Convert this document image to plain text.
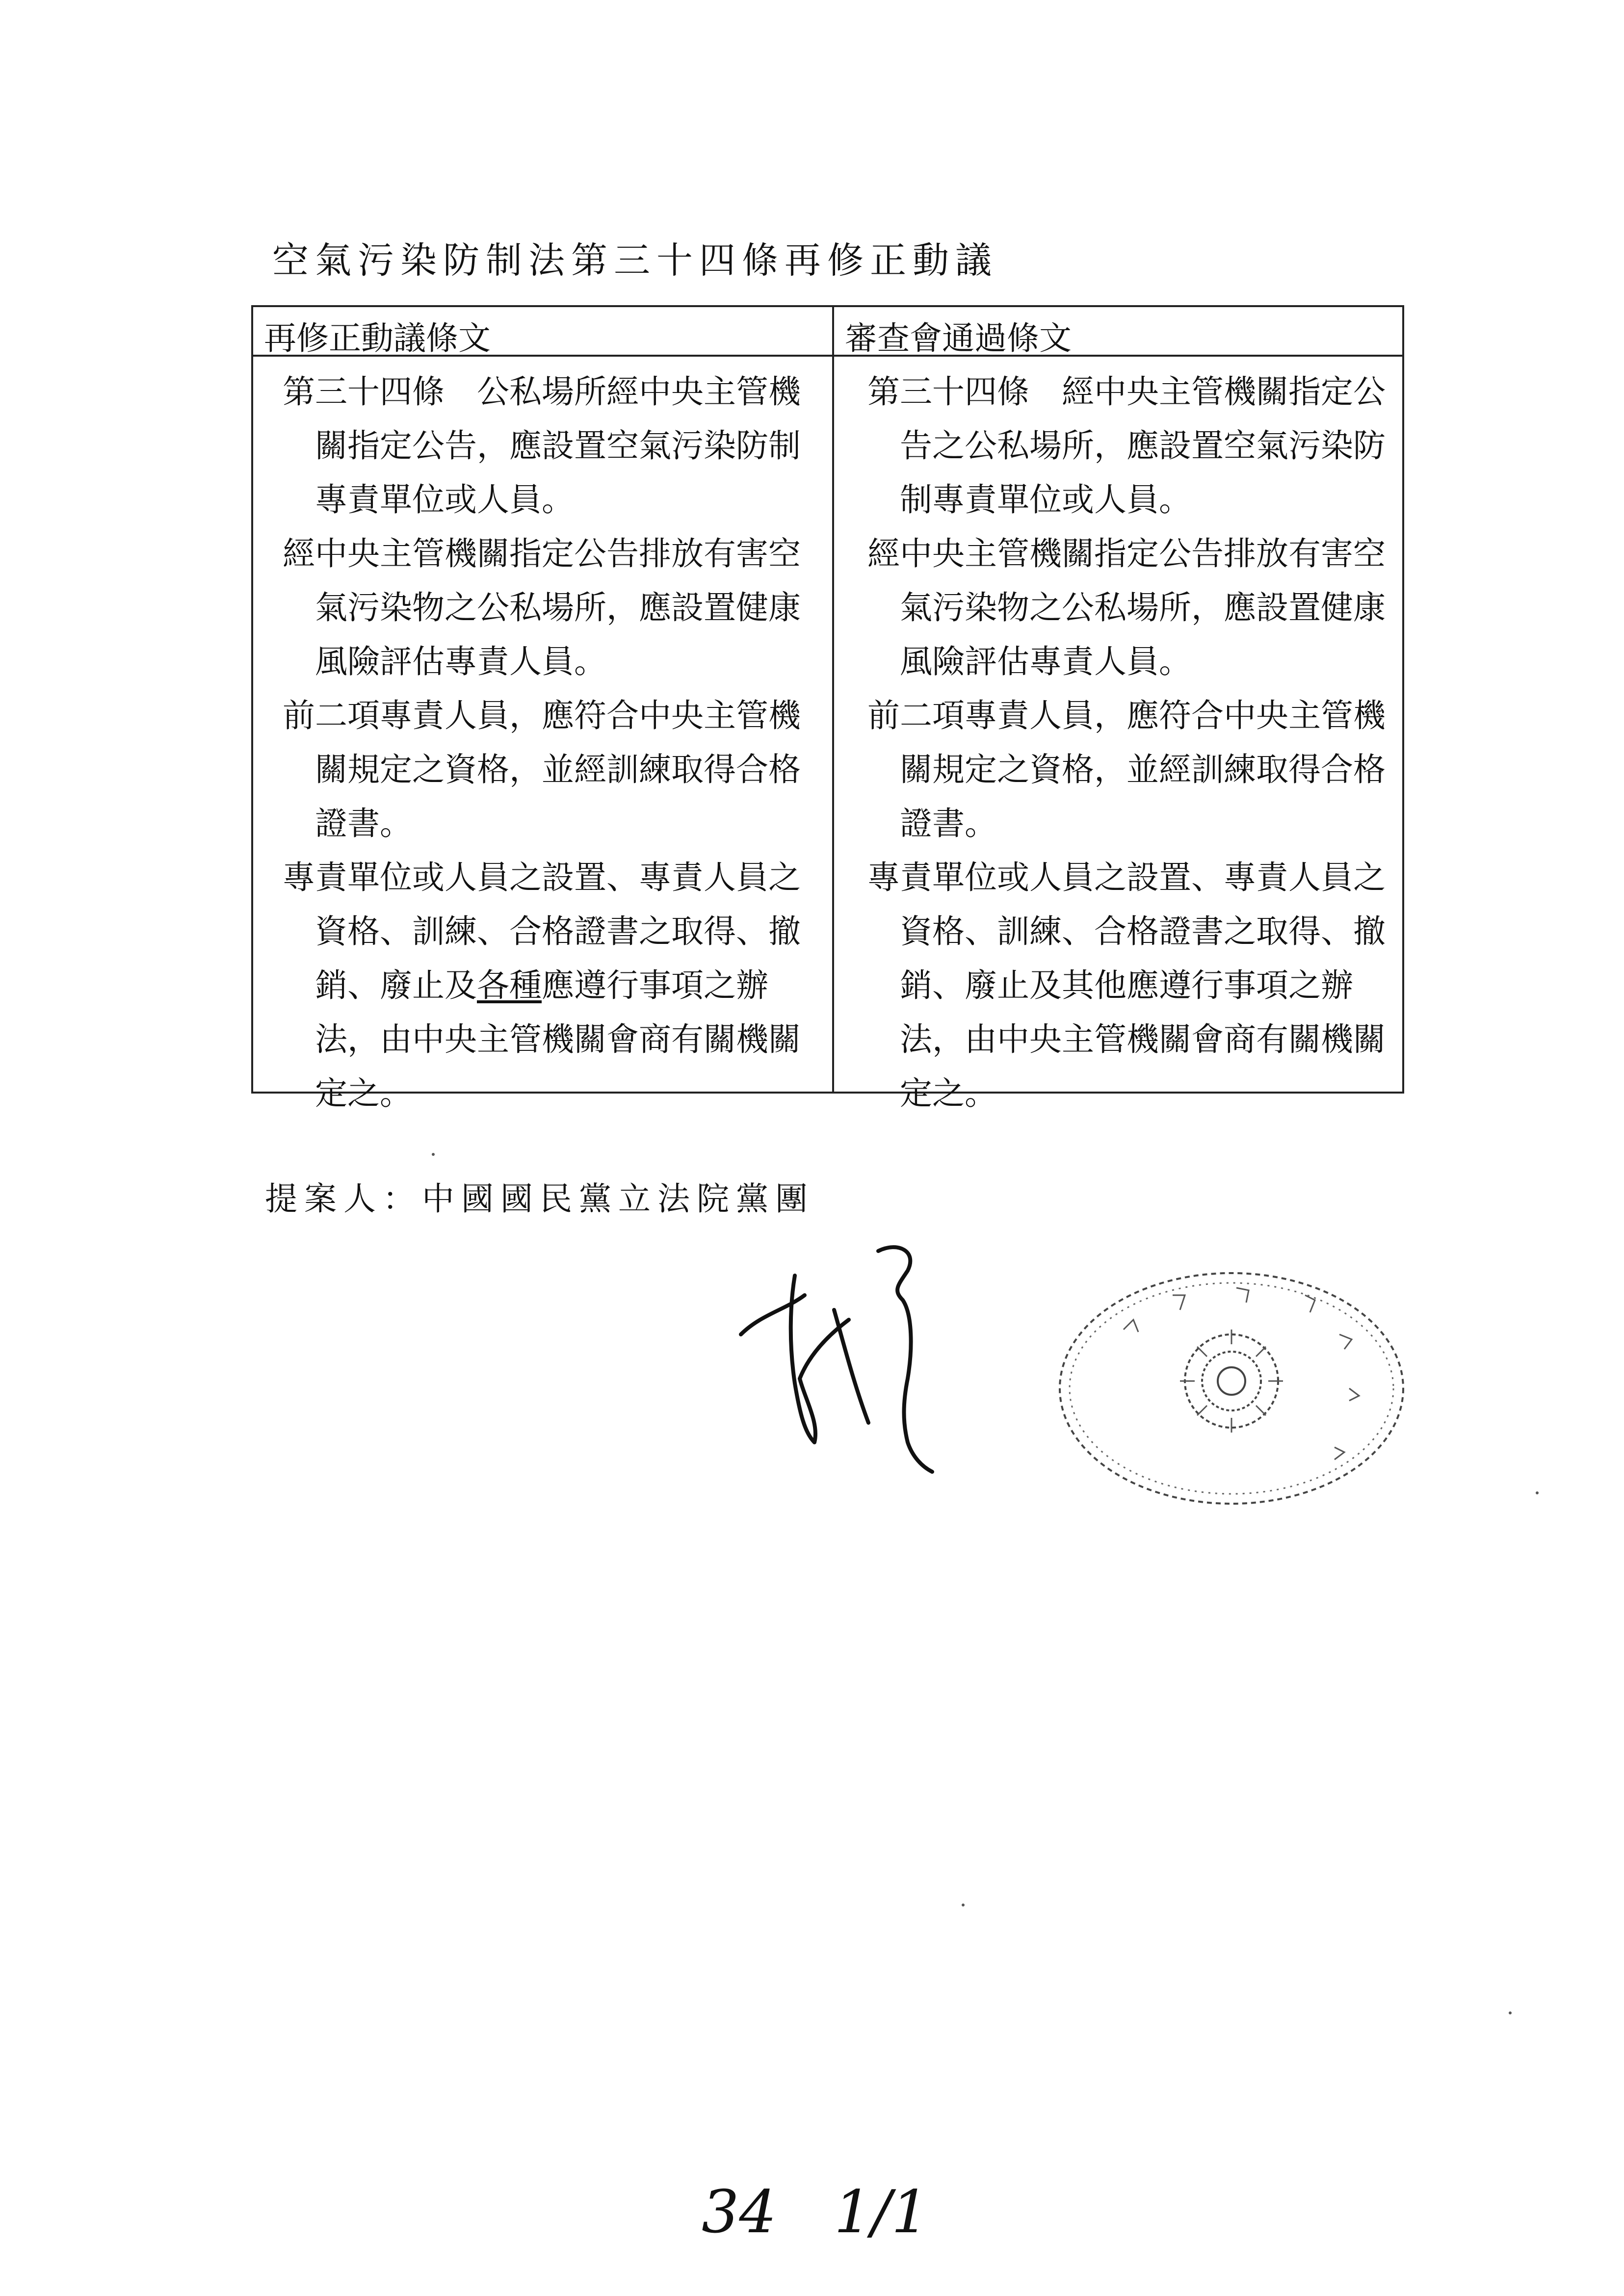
空氣污染防制法第三十四條再修正動議
再修正動議條文

第三十四條　公私場所經中央主管機關指定公告，應設置空氣污染防制專責單位或人員。

經中央主管機關指定公告排放有害空氣污染物之公私場所，應設置健康風險評估專責人員。

前二項專責人員，應符合中央主管機關規定之資格，並經訓練取得合格證書。

專責單位或人員之設置、專責人員之資格、訓練、合格證書之取得、撤銷、廢止及各種應遵行事項之辦法，由中央主管機關會商有關機關定之。

審查會通過條文

第三十四條　經中央主管機關指定公告之公私場所，應設置空氣污染防制專責單位或人員。

經中央主管機關指定公告排放有害空氣污染物之公私場所，應設置健康風險評估專責人員。

前二項專責人員，應符合中央主管機關規定之資格，並經訓練取得合格證書。

專責單位或人員之設置、專責人員之資格、訓練、合格證書之取得、撤銷、廢止及其他應遵行事項之辦法，由中央主管機關會商有關機關定之。

提案人：中國國民黨立法院黨團
34 1/1
